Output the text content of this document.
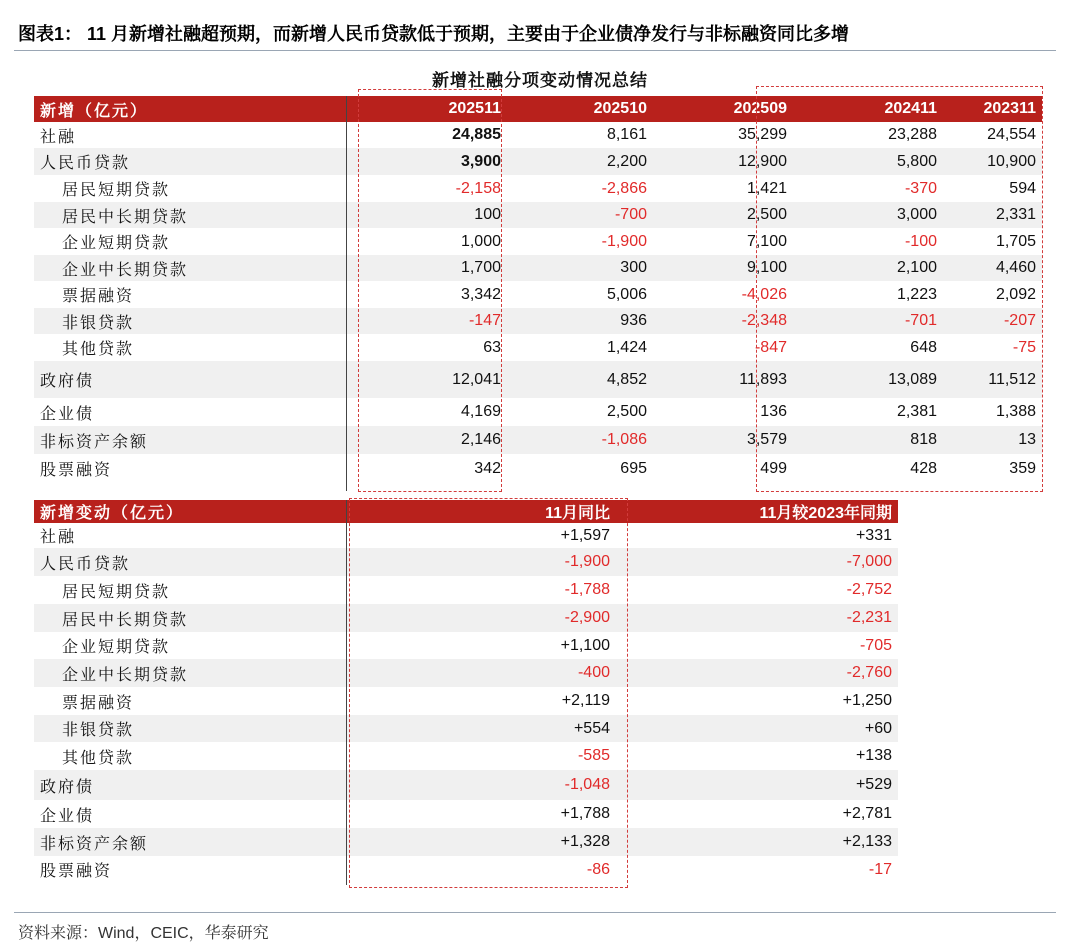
图表1： 11 月新增社融超预期，而新增人民币贷款低于预期，主要由于企业债净发行与非标融资同比多增
新增社融分项变动情况总结
新增（亿元）	202511	202510	202509	202411	202311
社融	24,885	8,161	35,299	23,288	24,554
人民币贷款	3,900	2,200	12,900	5,800	10,900
居民短期贷款	-2,158	-2,866	1,421	-370	594
居民中长期贷款	100	-700	2,500	3,000	2,331
企业短期贷款	1,000	-1,900	7,100	-100	1,705
企业中长期贷款	1,700	300	9,100	2,100	4,460
票据融资	3,342	5,006	-4,026	1,223	2,092
非银贷款	-147	936	-2,348	-701	-207
其他贷款	63	1,424	-847	648	-75
政府债	12,041	4,852	11,893	13,089	11,512
企业债	4,169	2,500	136	2,381	1,388
非标资产余额	2,146	-1,086	3,579	818	13
股票融资	342	695	499	428	359
新增变动（亿元）	11月同比	11月较2023年同期
社融	+1,597	+331
人民币贷款	-1,900	-7,000
居民短期贷款	-1,788	-2,752
居民中长期贷款	-2,900	-2,231
企业短期贷款	+1,100	-705
企业中长期贷款	-400	-2,760
票据融资	+2,119	+1,250
非银贷款	+554	+60
其他贷款	-585	+138
政府债	-1,048	+529
企业债	+1,788	+2,781
非标资产余额	+1,328	+2,133
股票融资	-86	-17
资料来源：Wind，CEIC，华泰研究
